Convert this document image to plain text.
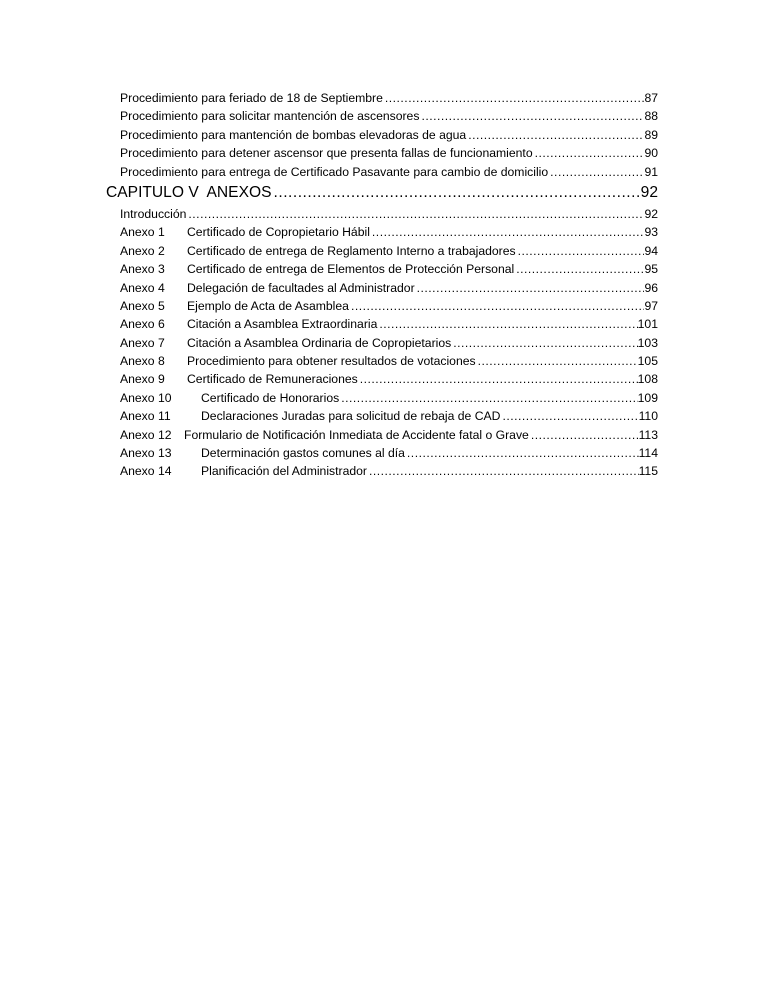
Procedimiento para feriado de 18 de Septiembre .....	87
Procedimiento para solicitar mantención de ascensores .....	88
Procedimiento para mantención de bombas elevadoras de agua .....	89
Procedimiento para detener ascensor que presenta fallas de funcionamiento .....	90
Procedimiento para entrega de Certificado Pasavante para cambio de domicilio .....	91
CAPITULO V  ANEXOS .....	92
Introducción .....	92
Anexo 1	Certificado de Copropietario Hábil .....	93
Anexo 2	Certificado de entrega de Reglamento Interno a trabajadores .....	94
Anexo 3	Certificado de entrega de Elementos de Protección Personal .....	95
Anexo 4	Delegación de facultades al Administrador .....	96
Anexo 5	Ejemplo de Acta de Asamblea .....	97
Anexo 6	Citación a Asamblea Extraordinaria .....	101
Anexo 7	Citación a Asamblea Ordinaria de Copropietarios .....	103
Anexo 8	Procedimiento para obtener resultados de votaciones .....	105
Anexo 9	Certificado de Remuneraciones .....	108
Anexo 10	Certificado de Honorarios .....	109
Anexo 11	Declaraciones Juradas para solicitud de rebaja de CAD .....	110
Anexo 12	Formulario de Notificación Inmediata de Accidente fatal o Grave .....	113
Anexo 13	Determinación gastos comunes al día .....	114
Anexo 14	Planificación del Administrador .....	115
